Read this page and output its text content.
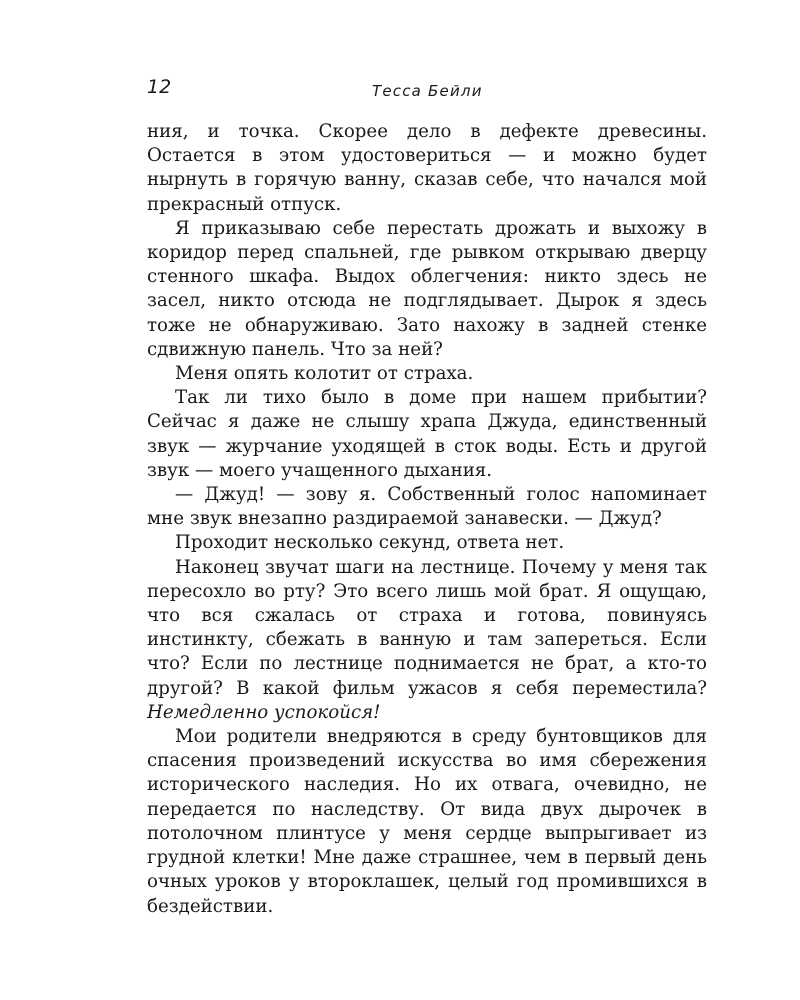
12	Тесса Бейли

ния, и точка. Скорее дело в дефекте древесины. Остается в этом удостовериться — и можно будет нырнуть в горячую ванну, сказав себе, что начался мой прекрасный отпуск.

Я приказываю себе перестать дрожать и выхожу в коридор перед спальней, где рывком открываю дверцу стенного шкафа. Выдох облегчения: никто здесь не засел, никто отсюда не подглядывает. Дырок я здесь тоже не обнаруживаю. Зато нахожу в задней стенке сдвижную панель. Что за ней?

Меня опять колотит от страха.

Так ли тихо было в доме при нашем прибытии? Сейчас я даже не слышу храпа Джуда, единственный звук — журчание уходящей в сток воды. Есть и другой звук — моего учащенного дыхания.

— Джуд! — зову я. Собственный голос напоминает мне звук внезапно раздираемой занавески. — Джуд?

Проходит несколько секунд, ответа нет.

Наконец звучат шаги на лестнице. Почему у меня так пересохло во рту? Это всего лишь мой брат. Я ощущаю, что вся сжалась от страха и готова, повинуясь инстинкту, сбежать в ванную и там запереться. Если что? Если по лестнице поднимается не брат, а кто-то другой? В какой фильм ужасов я себя переместила? Немедленно успокойся!

Мои родители внедряются в среду бунтовщиков для спасения произведений искусства во имя сбережения исторического наследия. Но их отвага, очевидно, не передается по наследству. От вида двух дырочек в потолочном плинтусе у меня сердце выпрыгивает из грудной клетки! Мне даже страшнее, чем в первый день очных уроков у второклашек, целый год промившихся в бездействии.
